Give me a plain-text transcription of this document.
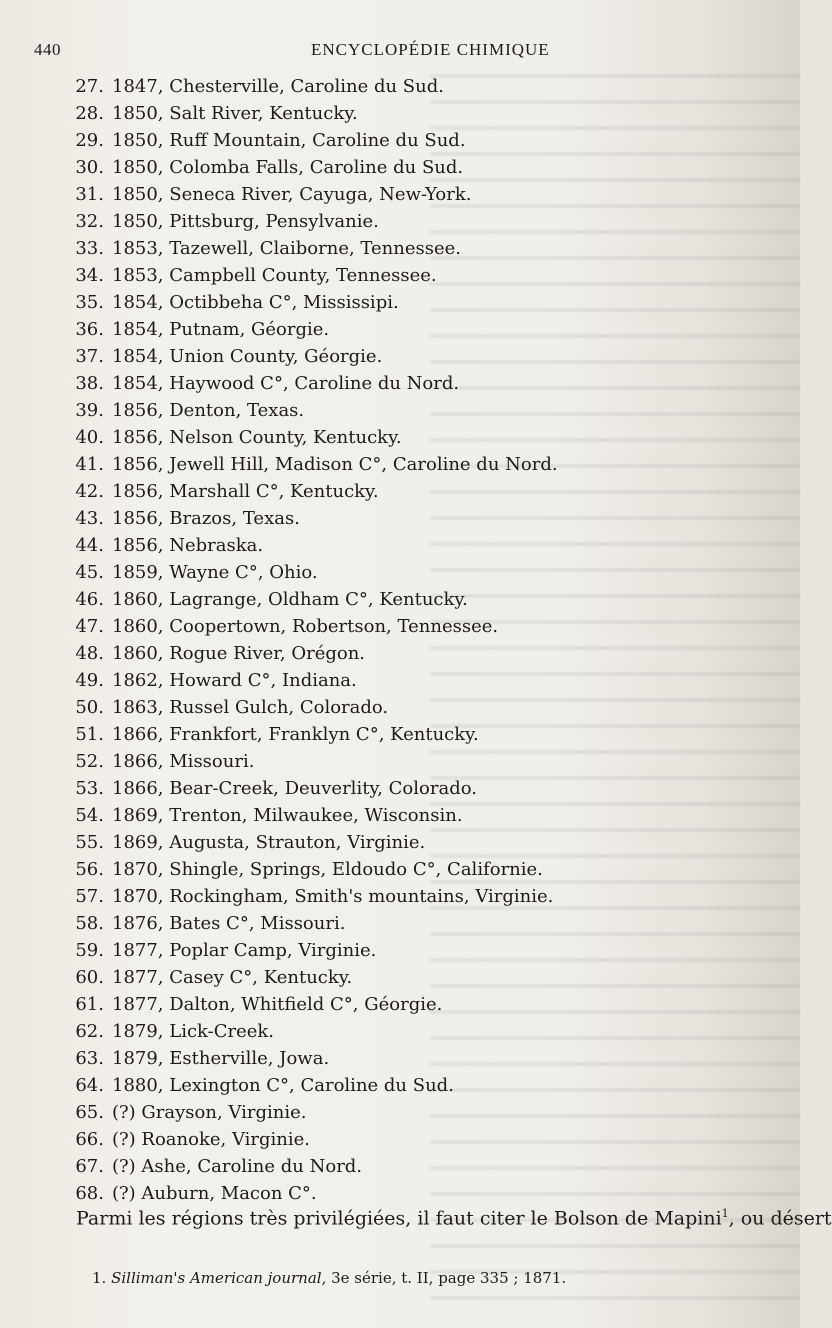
440	ENCYCLOPÉDIE CHIMIQUE
27. 1847, Chesterville, Caroline du Sud.
28. 1850, Salt River, Kentucky.
29. 1850, Ruff Mountain, Caroline du Sud.
30. 1850, Colomba Falls, Caroline du Sud.
31. 1850, Seneca River, Cayuga, New-York.
32. 1850, Pittsburg, Pensylvanie.
33. 1853, Tazewell, Claiborne, Tennessee.
34. 1853, Campbell County, Tennessee.
35. 1854, Octibbeha C°, Mississipi.
36. 1854, Putnam, Géorgie.
37. 1854, Union County, Géorgie.
38. 1854, Haywood C°, Caroline du Nord.
39. 1856, Denton, Texas.
40. 1856, Nelson County, Kentucky.
41. 1856, Jewell Hill, Madison C°, Caroline du Nord.
42. 1856, Marshall C°, Kentucky.
43. 1856, Brazos, Texas.
44. 1856, Nebraska.
45. 1859, Wayne C°, Ohio.
46. 1860, Lagrange, Oldham C°, Kentucky.
47. 1860, Coopertown, Robertson, Tennessee.
48. 1860, Rogue River, Orégon.
49. 1862, Howard C°, Indiana.
50. 1863, Russel Gulch, Colorado.
51. 1866, Frankfort, Franklyn C°, Kentucky.
52. 1866, Missouri.
53. 1866, Bear-Creek, Deuverlity, Colorado.
54. 1869, Trenton, Milwaukee, Wisconsin.
55. 1869, Augusta, Strauton, Virginie.
56. 1870, Shingle, Springs, Eldoudo C°, Californie.
57. 1870, Rockingham, Smith's mountains, Virginie.
58. 1876, Bates C°, Missouri.
59. 1877, Poplar Camp, Virginie.
60. 1877, Casey C°, Kentucky.
61. 1877, Dalton, Whitfield C°, Géorgie.
62. 1879, Lick-Creek.
63. 1879, Estherville, Jowa.
64. 1880, Lexington C°, Caroline du Sud.
65. (?) Grayson, Virginie.
66. (?) Roanoke, Virginie.
67. (?) Ashe, Caroline du Nord.
68. (?) Auburn, Macon C°.
Parmi les régions très privilégiées, il faut citer le Bolson de Mapini$^1$, ou désert
1. Silliman's American journal, 3e série, t. II, page 335 ; 1871.
